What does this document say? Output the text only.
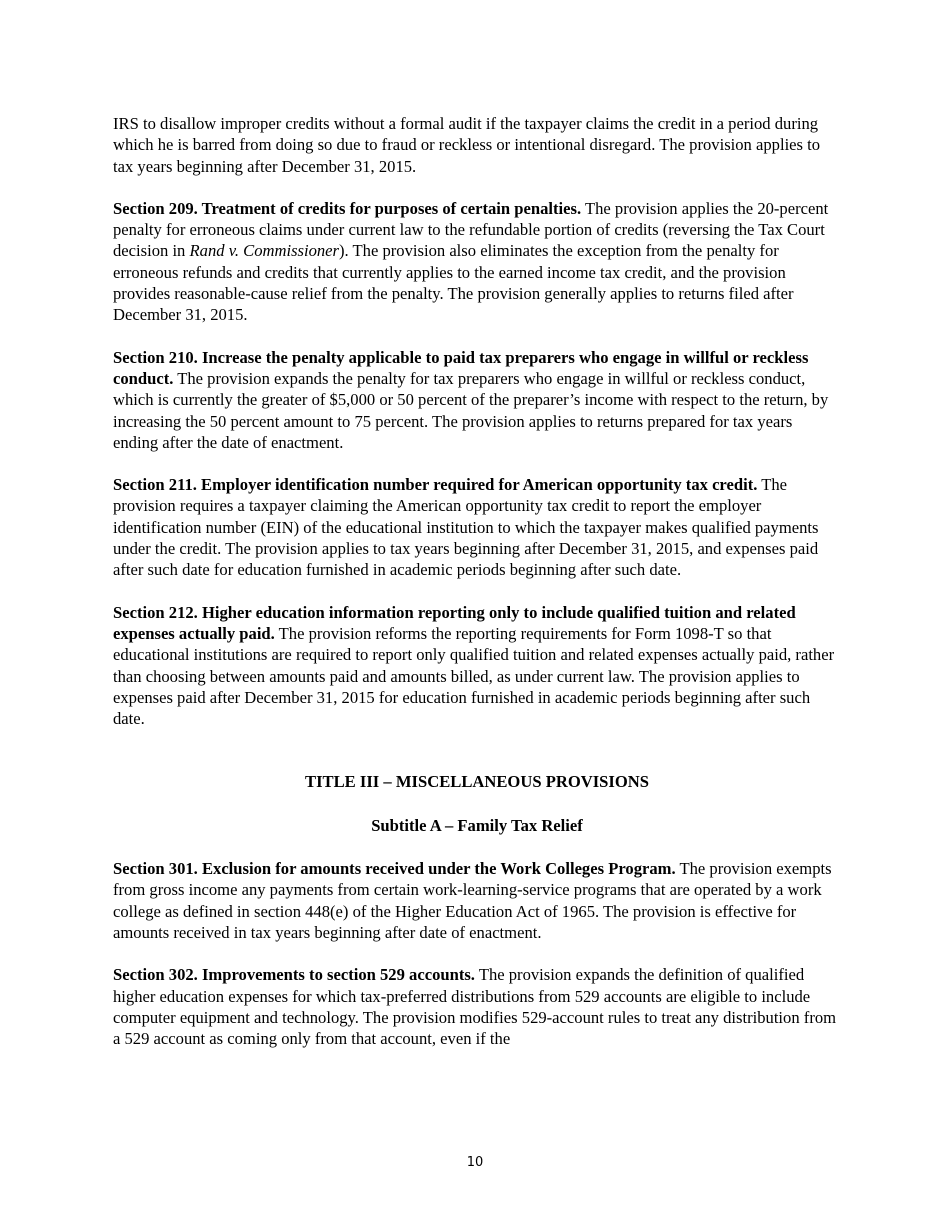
IRS to disallow improper credits without a formal audit if the taxpayer claims the credit in a period during which he is barred from doing so due to fraud or reckless or intentional disregard. The provision applies to tax years beginning after December 31, 2015.

Section 209. Treatment of credits for purposes of certain penalties. The provision applies the 20-percent penalty for erroneous claims under current law to the refundable portion of credits (reversing the Tax Court decision in Rand v. Commissioner). The provision also eliminates the exception from the penalty for erroneous refunds and credits that currently applies to the earned income tax credit, and the provision provides reasonable-cause relief from the penalty. The provision generally applies to returns filed after December 31, 2015.

Section 210. Increase the penalty applicable to paid tax preparers who engage in willful or reckless conduct. The provision expands the penalty for tax preparers who engage in willful or reckless conduct, which is currently the greater of $5,000 or 50 percent of the preparer’s income with respect to the return, by increasing the 50 percent amount to 75 percent. The provision applies to returns prepared for tax years ending after the date of enactment.

Section 211. Employer identification number required for American opportunity tax credit. The provision requires a taxpayer claiming the American opportunity tax credit to report the employer identification number (EIN) of the educational institution to which the taxpayer makes qualified payments under the credit. The provision applies to tax years beginning after December 31, 2015, and expenses paid after such date for education furnished in academic periods beginning after such date.

Section 212. Higher education information reporting only to include qualified tuition and related expenses actually paid. The provision reforms the reporting requirements for Form 1098-T so that educational institutions are required to report only qualified tuition and related expenses actually paid, rather than choosing between amounts paid and amounts billed, as under current law. The provision applies to expenses paid after December 31, 2015 for education furnished in academic periods beginning after such date.

TITLE III – MISCELLANEOUS PROVISIONS

Subtitle A – Family Tax Relief

Section 301. Exclusion for amounts received under the Work Colleges Program. The provision exempts from gross income any payments from certain work-learning-service programs that are operated by a work college as defined in section 448(e) of the Higher Education Act of 1965. The provision is effective for amounts received in tax years beginning after date of enactment.

Section 302. Improvements to section 529 accounts. The provision expands the definition of qualified higher education expenses for which tax-preferred distributions from 529 accounts are eligible to include computer equipment and technology. The provision modifies 529-account rules to treat any distribution from a 529 account as coming only from that account, even if the

10
